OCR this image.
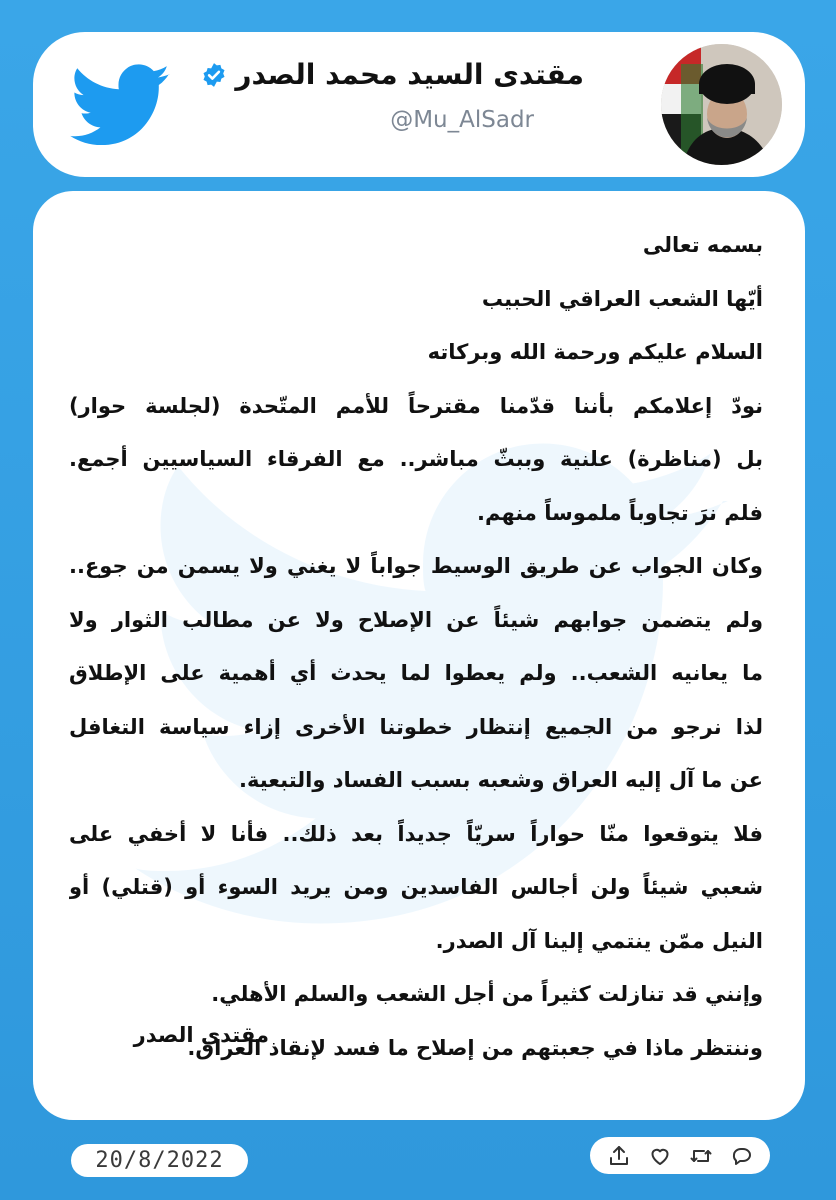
مقتدى السيد محمد الصدر
@Mu_AlSadr
بسمه تعالى
أيّها الشعب العراقي الحبيب
السلام عليكم ورحمة الله وبركاته
نودّ إعلامكم بأننا قدّمنا مقترحاً للأمم المتّحدة (لجلسة حوار)
بل (مناظرة) علنية وببثّ مباشر.. مع الفرقاء السياسيين أجمع.
فلم نرَ تجاوباً ملموساً منهم.
وكان الجواب عن طريق الوسيط جواباً لا يغني ولا يسمن من جوع..
ولم يتضمن جوابهم شيئاً عن الإصلاح ولا عن مطالب الثوار ولا
ما يعانيه الشعب.. ولم يعطوا لما يحدث أي أهمية على الإطلاق
لذا نرجو من الجميع إنتظار خطوتنا الأخرى إزاء سياسة التغافل
عن ما آل إليه العراق وشعبه بسبب الفساد والتبعية.
فلا يتوقعوا منّا حواراً سريّاً جديداً بعد ذلك.. فأنا لا أخفي على
شعبي شيئاً ولن أجالس الفاسدين ومن يريد السوء أو (قتلي) أو
النيل ممّن ينتمي إلينا آل الصدر.
وإنني قد تنازلت كثيراً من أجل الشعب والسلم الأهلي.
وننتظر ماذا في جعبتهم من إصلاح ما فسد لإنقاذ العراق.
مقتدى الصدر
20/8/2022
